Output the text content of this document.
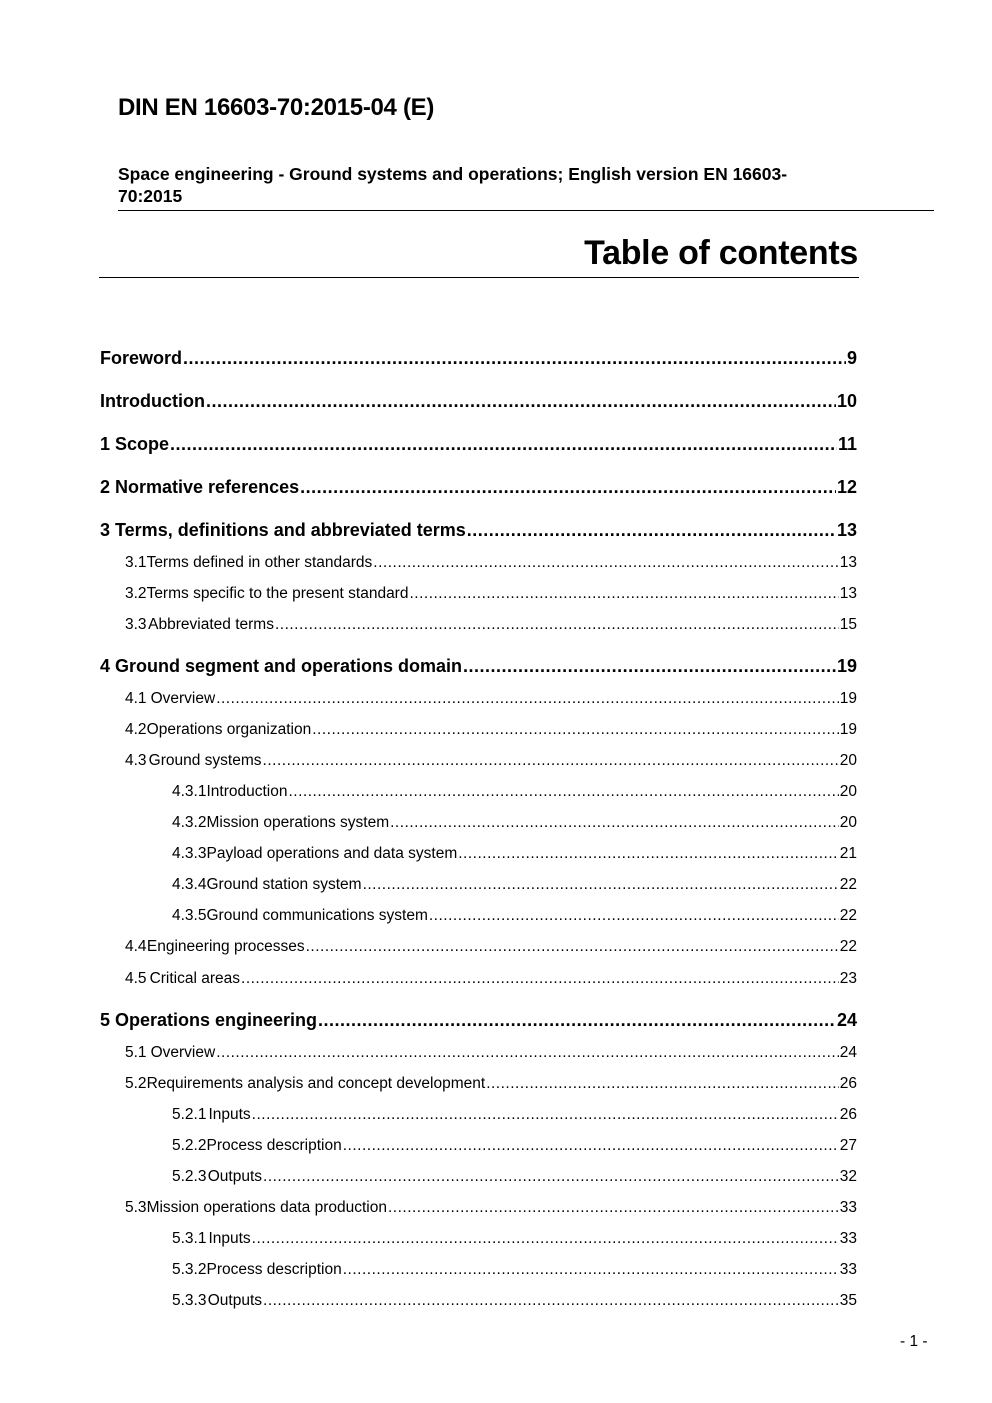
DIN EN 16603-70:2015-04 (E)
Space engineering - Ground systems and operations; English version EN 16603-
70:2015
Table of contents
Foreword .....	9
Introduction .....	10
1 Scope .....	11
2 Normative references .....	12
3 Terms, definitions and abbreviated terms .....	13
3.1 Terms defined in other standards .....	13
3.2 Terms specific to the present standard .....	13
3.3 Abbreviated terms .....	15
4 Ground segment and operations domain .....	19
4.1 Overview .....	19
4.2 Operations organization .....	19
4.3 Ground systems .....	20
4.3.1 Introduction .....	20
4.3.2 Mission operations system .....	20
4.3.3 Payload operations and data system .....	21
4.3.4 Ground station system .....	22
4.3.5 Ground communications system .....	22
4.4 Engineering processes .....	22
4.5 Critical areas .....	23
5 Operations engineering .....	24
5.1 Overview .....	24
5.2 Requirements analysis and concept development .....	26
5.2.1 Inputs .....	26
5.2.2 Process description .....	27
5.2.3 Outputs .....	32
5.3 Mission operations data production .....	33
5.3.1 Inputs .....	33
5.3.2 Process description .....	33
5.3.3 Outputs .....	35
- 1 -
